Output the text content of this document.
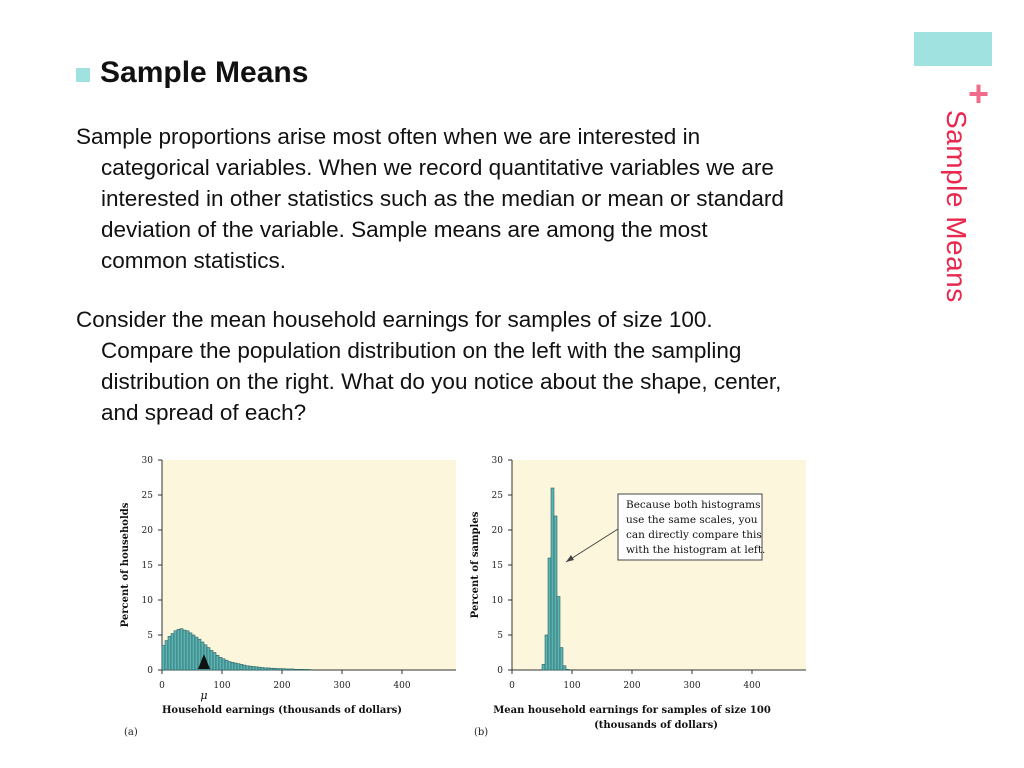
+
Sample Means
Sample Means
Sample proportions arise most often when we are interested in
categorical variables. When we record quantitative variables we are
interested in other statistics such as the median or mean or standard
deviation of the variable. Sample means are among the most
common statistics.
Consider the mean household earnings for samples of size 100.
Compare the population distribution on the left with the sampling
distribution on the right. What do you notice about the shape, center,
and spread of each?
0
5
10
15
20
25
30
0	100	200	300	400
Percent of households
Household earnings (thousands of dollars)
(a)
μ
0
5
10
15
20
25
30
0	100	200	300	400
Percent of samples
Mean household earnings for samples of size 100
(thousands of dollars)
(b)
Because both histograms
use the same scales, you
can directly compare this
with the histogram at left.
